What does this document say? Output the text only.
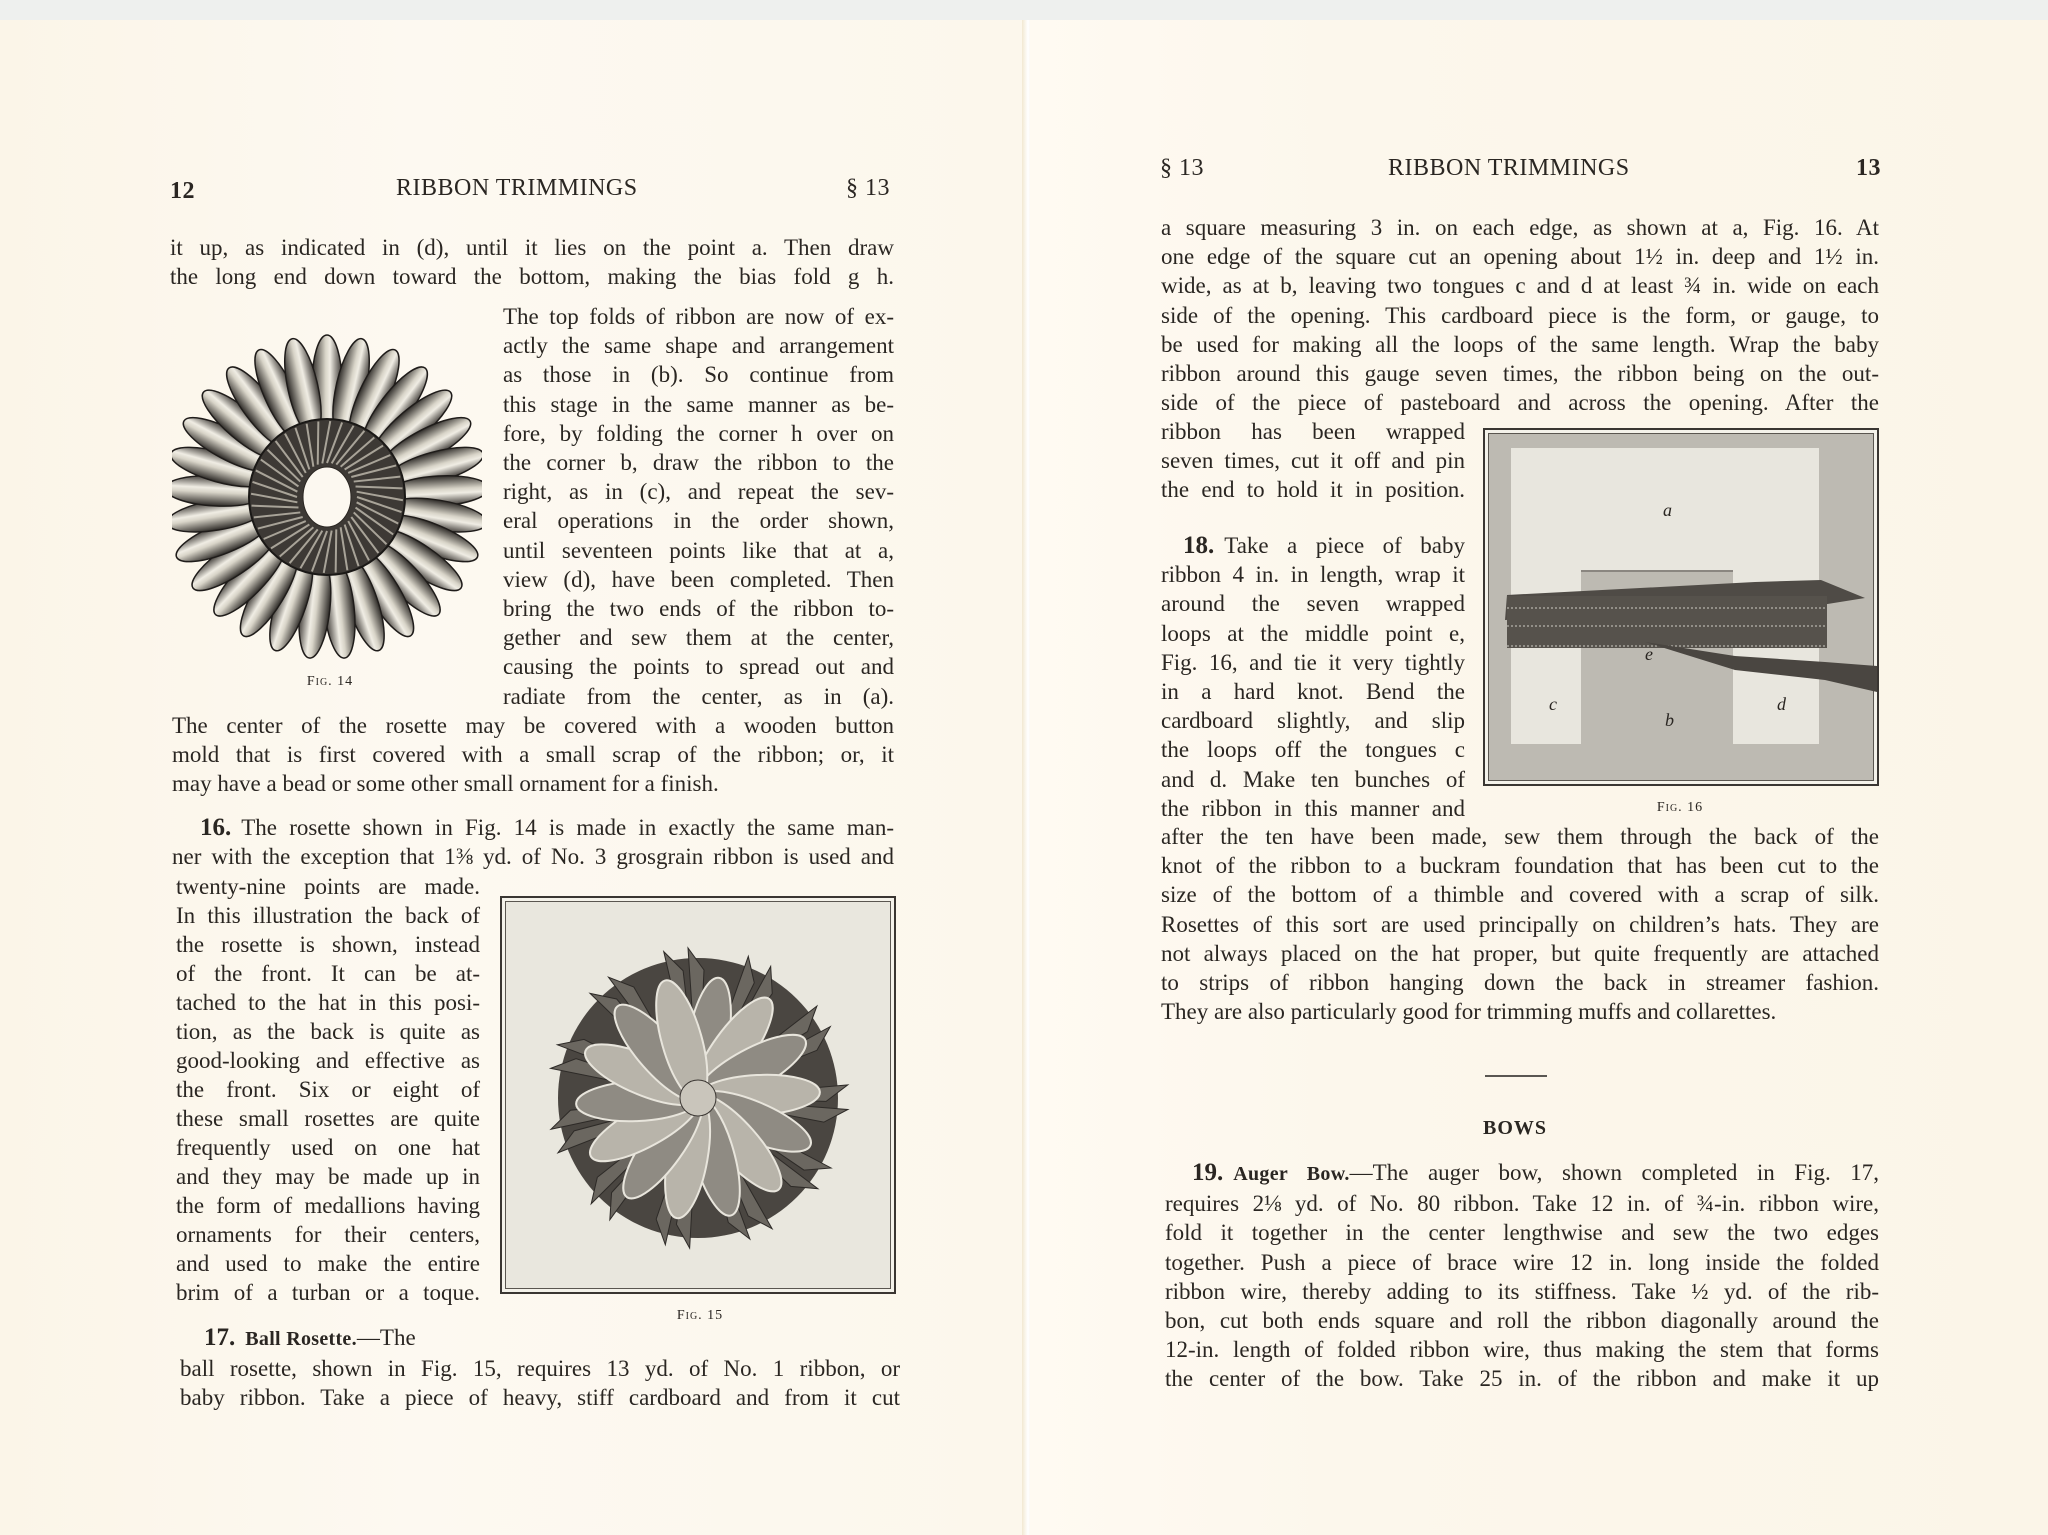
12	RIBBON TRIMMINGS	§ 13
it up, as indicated in (d), until it lies on the point a. Then draw
the long end down toward the bottom, making the bias fold g h.
Fig. 14
The top folds of ribbon are now of ex-
actly the same shape and arrangement
as those in (b). So continue from
this stage in the same manner as be-
fore, by folding the corner h over on
the corner b, draw the ribbon to the
right, as in (c), and repeat the sev-
eral operations in the order shown,
until seventeen points like that at a,
view (d), have been completed. Then
bring the two ends of the ribbon to-
gether and sew them at the center,
causing the points to spread out and
radiate from the center, as in (a).
The center of the rosette may be covered with a wooden button
mold that is first covered with a small scrap of the ribbon; or, it
may have a bead or some other small ornament for a finish.
16. The rosette shown in Fig. 14 is made in exactly the same man-
ner with the exception that 1⅜ yd. of No. 3 grosgrain ribbon is used and
twenty-nine points are made.
In this illustration the back of
the rosette is shown, instead
of the front. It can be at-
tached to the hat in this posi-
tion, as the back is quite as
good-looking and effective as
the front. Six or eight of
these small rosettes are quite
frequently used on one hat
and they may be made up in
the form of medallions having
ornaments for their centers,
and used to make the entire
brim of a turban or a toque.
Fig. 15
17. Ball Rosette.—The
ball rosette, shown in Fig. 15, requires 13 yd. of No. 1 ribbon, or
baby ribbon. Take a piece of heavy, stiff cardboard and from it cut
§ 13	RIBBON TRIMMINGS	13
a square measuring 3 in. on each edge, as shown at a, Fig. 16. At
one edge of the square cut an opening about 1½ in. deep and 1½ in.
wide, as at b, leaving two tongues c and d at least ¾ in. wide on each
side of the opening. This cardboard piece is the form, or gauge, to
be used for making all the loops of the same length. Wrap the baby
ribbon around this gauge seven times, the ribbon being on the out-
side of the piece of pasteboard and across the opening. After the
ribbon has been wrapped
seven times, cut it off and pin
the end to hold it in position.
18. Take a piece of baby
ribbon 4 in. in length, wrap it
around the seven wrapped
loops at the middle point e,
Fig. 16, and tie it very tightly
in a hard knot. Bend the
cardboard slightly, and slip
the loops off the tongues c
and d. Make ten bunches of
the ribbon in this manner and
after the ten have been made, sew them through the back of the
knot of the ribbon to a buckram foundation that has been cut to the
size of the bottom of a thimble and covered with a scrap of silk.
Rosettes of this sort are used principally on children’s hats. They are
not always placed on the hat proper, but quite frequently are attached
to strips of ribbon hanging down the back in streamer fashion.
They are also particularly good for trimming muffs and collarettes.
a
e
c
b
d
Fig. 16
BOWS
19. Auger Bow.—The auger bow, shown completed in Fig. 17,
requires 2⅛ yd. of No. 80 ribbon. Take 12 in. of ¾-in. ribbon wire,
fold it together in the center lengthwise and sew the two edges
together. Push a piece of brace wire 12 in. long inside the folded
ribbon wire, thereby adding to its stiffness. Take ½ yd. of the rib-
bon, cut both ends square and roll the ribbon diagonally around the
12-in. length of folded ribbon wire, thus making the stem that forms
the center of the bow. Take 25 in. of the ribbon and make it up
